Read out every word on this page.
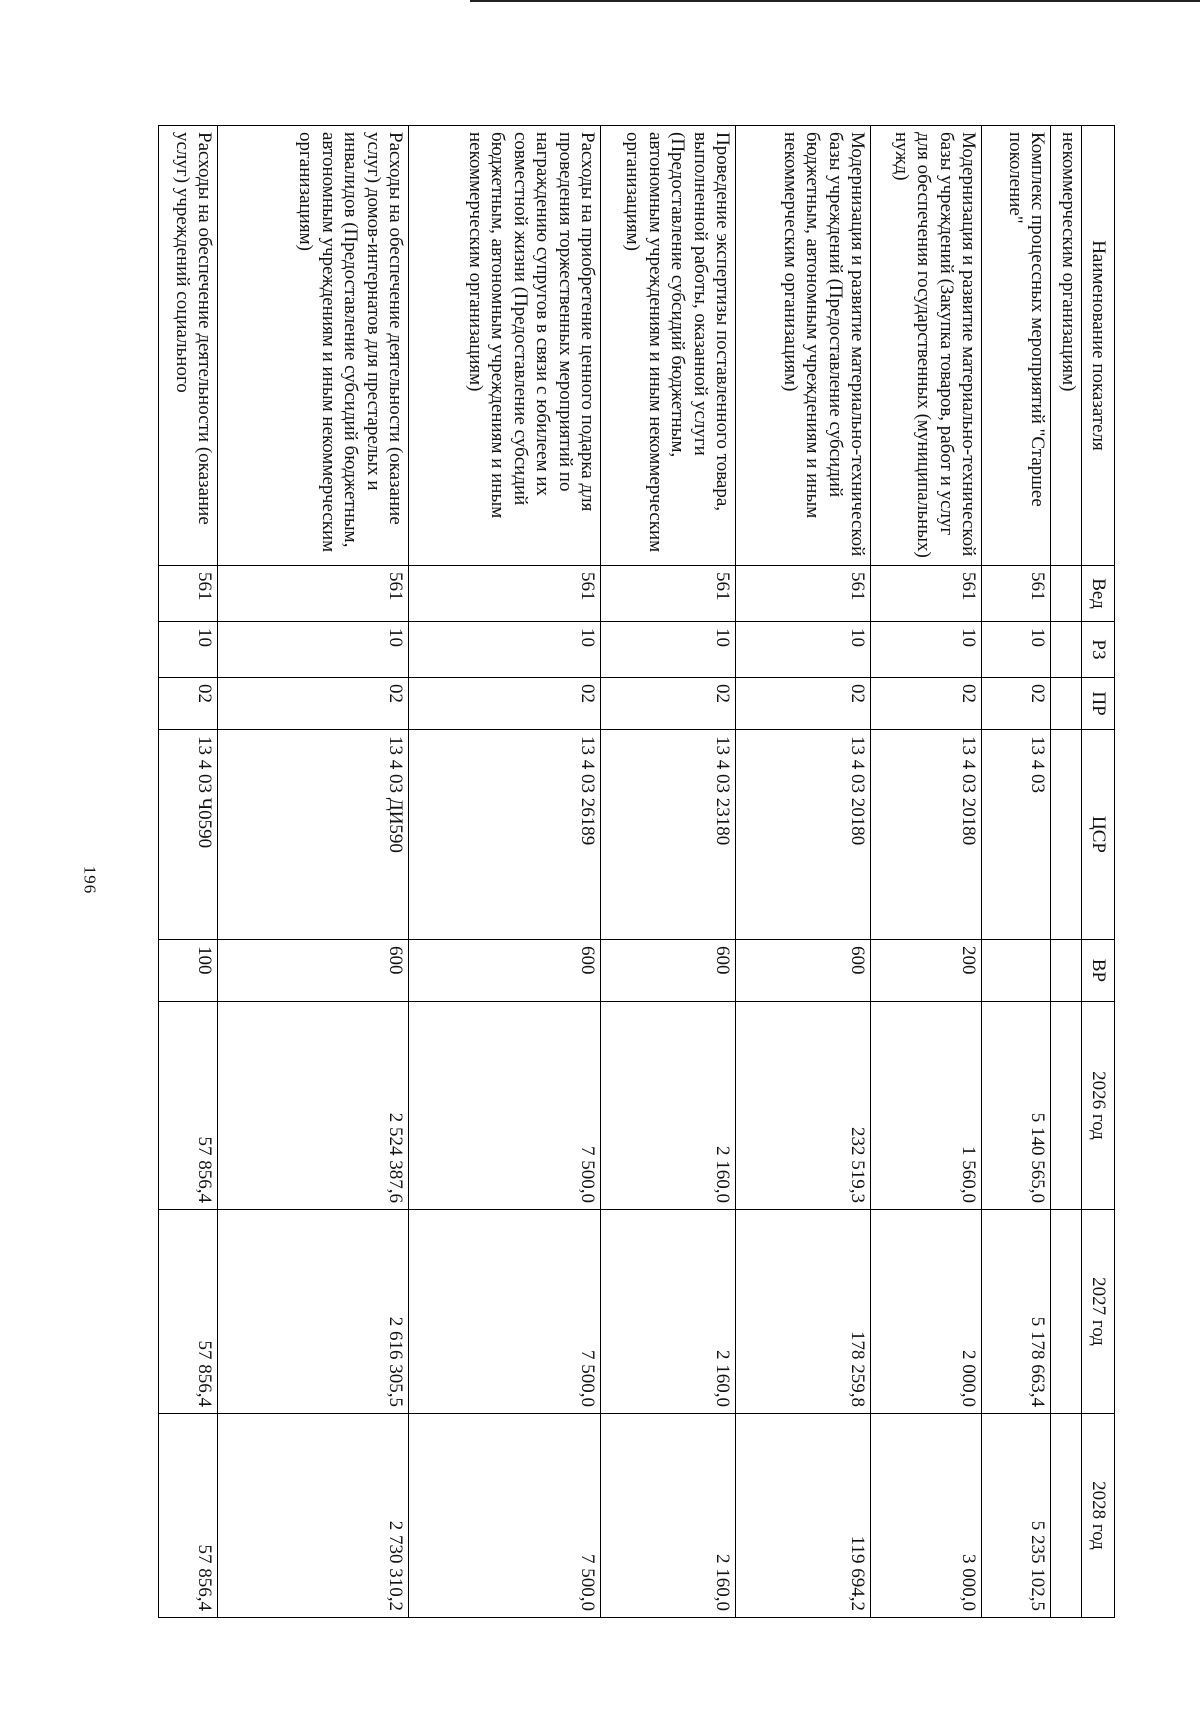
196
Наименование показателя	Вед	РЗ	ПР	ЦСР	ВР	2026 год	2027 год	2028 год
некоммерческим организациям)								
Комплекс процессных мероприятий "Старшее поколение"	561	10	02	13 4 03		5 140 565,0	5 178 663,4	5 235 102,5
Модернизация и развитие материально-технической базы учреждений (Закупка товаров, работ и услуг для обеспечения государственных (муниципальных) нужд)	561	10	02	13 4 03 20180	200	1 560,0	2 000,0	3 000,0
Модернизация и развитие материально-технической базы учреждений (Предоставление субсидий бюджетным, автономным учреждениям и иным некоммерческим организациям)	561	10	02	13 4 03 20180	600	232 519,3	178 259,8	119 694,2
Проведение экспертизы поставленного товара, выполненной работы, оказанной услуги (Предоставление субсидий бюджетным, автономным учреждениям и иным некоммерческим организациям)	561	10	02	13 4 03 23180	600	2 160,0	2 160,0	2 160,0
Расходы на приобретение ценного подарка для проведения торжественных мероприятий по награждению супругов в связи с юбилеем их совместной жизни (Предоставление субсидий бюджетным, автономным учреждениям и иным некоммерческим организациям)	561	10	02	13 4 03 26189	600	7 500,0	7 500,0	7 500,0
Расходы на обеспечение деятельности (оказание услуг) домов-интернатов для престарелых и инвалидов (Предоставление субсидий бюджетным, автономным учреждениям и иным некоммерческим организациям)	561	10	02	13 4 03 ДИ590	600	2 524 387,6	2 616 305,5	2 730 310,2
Расходы на обеспечение деятельности (оказание услуг) учреждений социального	561	10	02	13 4 03 Ч0590	100	57 856,4	57 856,4	57 856,4
